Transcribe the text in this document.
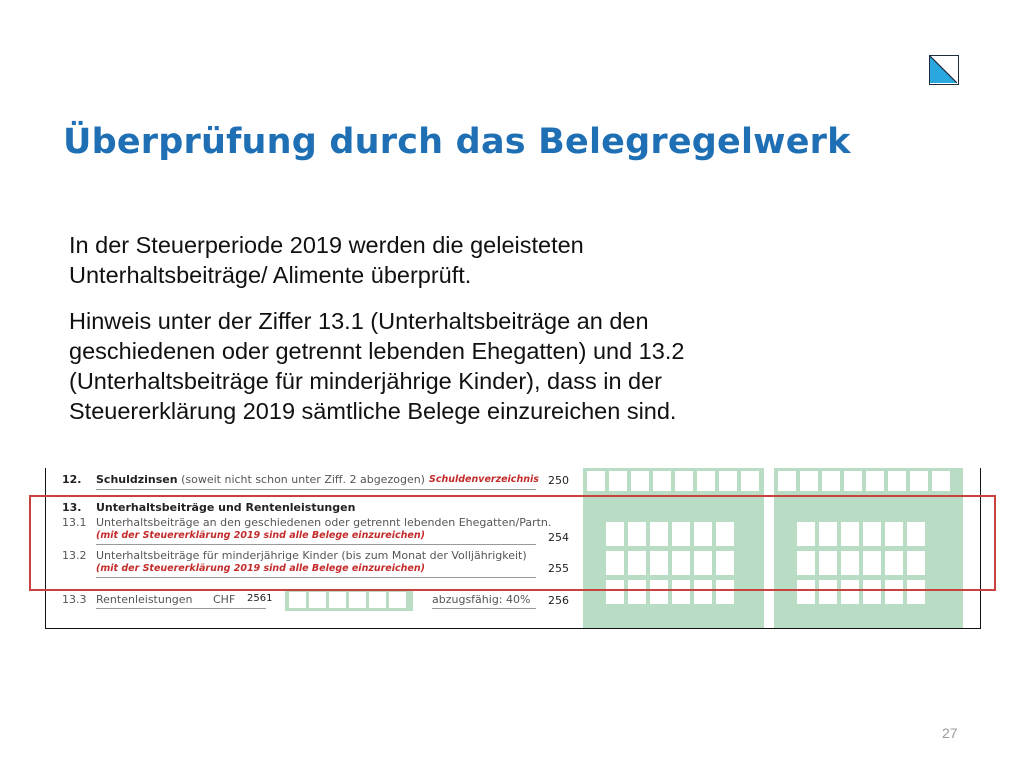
Überprüfung durch das Belegregelwerk
In der Steuerperiode 2019 werden die geleisteten
Unterhaltsbeiträge/ Alimente überprüft.
Hinweis unter der Ziffer 13.1 (Unterhaltsbeiträge an den
geschiedenen oder getrennt lebenden Ehegatten) und 13.2
(Unterhaltsbeiträge für minderjährige Kinder), dass in der
Steuererklärung 2019 sämtliche Belege einzureichen sind.
12. Schuldzinsen (soweit nicht schon unter Ziff. 2 abgezogen) Schuldenverzeichnis 250
13. Unterhaltsbeiträge und Rentenleistungen
13.1 Unterhaltsbeiträge an den geschiedenen oder getrennt lebenden Ehegatten/Partn.
(mit der Steuererklärung 2019 sind alle Belege einzureichen)	254
13.2 Unterhaltsbeiträge für minderjährige Kinder (bis zum Monat der Volljährigkeit)
(mit der Steuererklärung 2019 sind alle Belege einzureichen)	255
13.3 Rentenleistungen CHF 2561	abzugsfähig: 40% 256
27
